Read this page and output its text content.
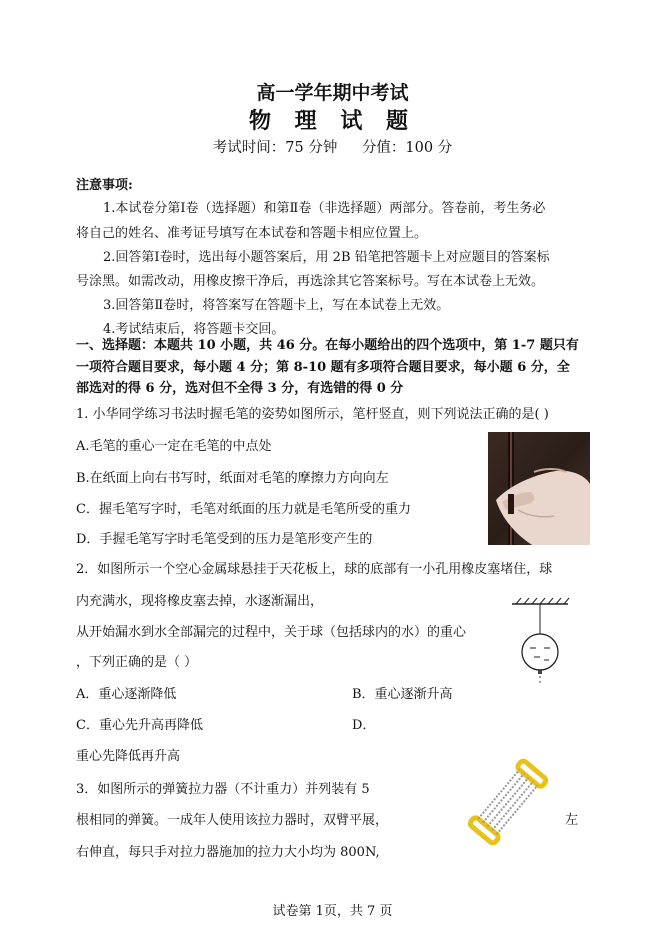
高一学年期中考试
物 理 试 题
考试时间：75 分钟 分值：100 分
注意事项:
1.本试卷分第Ⅰ卷（选择题）和第Ⅱ卷（非选择题）两部分。答卷前，考生务必
将自己的姓名、准考证号填写在本试卷和答题卡相应位置上。
2.回答第Ⅰ卷时，选出每小题答案后，用 2B 铅笔把答题卡上对应题目的答案标
号涂黑。如需改动，用橡皮擦干净后，再选涂其它答案标号。写在本试卷上无效。
3.回答第Ⅱ卷时，将答案写在答题卡上，写在本试卷上无效。
4.考试结束后，将答题卡交回。
一、选择题：本题共 10 小题，共 46 分。在每小题给出的四个选项中，第 1-7 题只有
一项符合题目要求，每小题 4 分；第 8-10 题有多项符合题目要求，每小题 6 分，全
部选对的得 6 分，选对但不全得 3 分，有选错的得 0 分
1. 小华同学练习书法时握毛笔的姿势如图所示，笔杆竖直，则下列说法正确的是( )
A.毛笔的重心一定在毛笔的中点处
B.在纸面上向右书写时，纸面对毛笔的摩擦力方向向左
C．握毛笔写字时，毛笔对纸面的压力就是毛笔所受的重力
D．手握毛笔写字时毛笔受到的压力是笔形变产生的
2．如图所示一个空心金属球悬挂于天花板上，球的底部有一小孔用橡皮塞堵住，球
内充满水，现将橡皮塞去掉，水逐渐漏出，
从开始漏水到水全部漏完的过程中，关于球（包括球内的水）的重心
，下列正确的是（ ）
A．重心逐渐降低	B．重心逐渐升高
C．重心先升高再降低	D．
重心先降低再升高
3．如图所示的弹簧拉力器（不计重力）并列装有 5
根相同的弹簧。一成年人使用该拉力器时，双臂平展，	左
右伸直，每只手对拉力器施加的拉力大小均为 800N,
试卷第 1页，共 7 页
